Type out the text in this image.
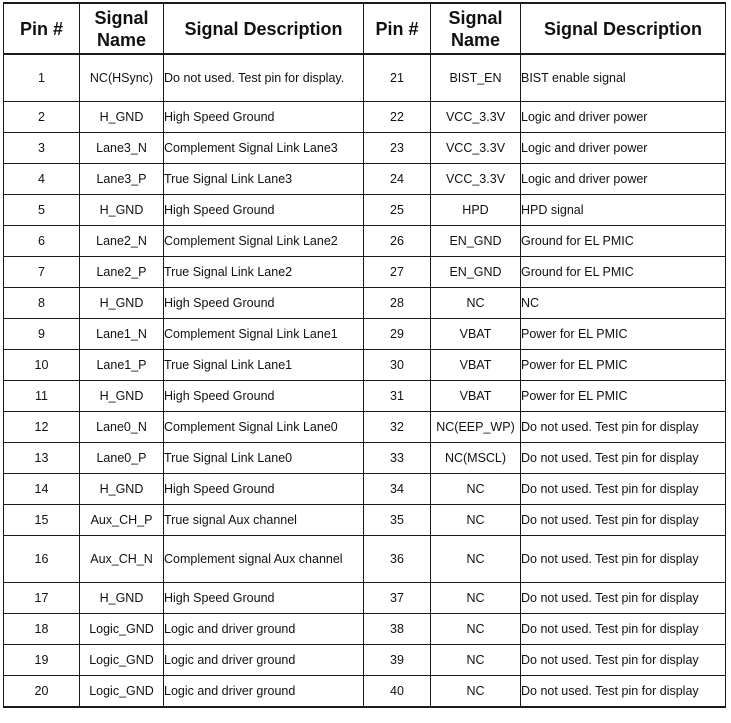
Pin #	Signal Name	Signal Description	Pin #	Signal Name	Signal Description
1	NC(HSync)	Do not used. Test pin for display.	21	BIST_EN	BIST enable signal
2	H_GND	High Speed Ground	22	VCC_3.3V	Logic and driver power
3	Lane3_N	Complement Signal Link Lane3	23	VCC_3.3V	Logic and driver power
4	Lane3_P	True Signal Link Lane3	24	VCC_3.3V	Logic and driver power
5	H_GND	High Speed Ground	25	HPD	HPD signal
6	Lane2_N	Complement Signal Link Lane2	26	EN_GND	Ground for EL PMIC
7	Lane2_P	True Signal Link Lane2	27	EN_GND	Ground for EL PMIC
8	H_GND	High Speed Ground	28	NC	NC
9	Lane1_N	Complement Signal Link Lane1	29	VBAT	Power for EL PMIC
10	Lane1_P	True Signal Link Lane1	30	VBAT	Power for EL PMIC
11	H_GND	High Speed Ground	31	VBAT	Power for EL PMIC
12	Lane0_N	Complement Signal Link Lane0	32	NC(EEP_WP)	Do not used. Test pin for display
13	Lane0_P	True Signal Link Lane0	33	NC(MSCL)	Do not used. Test pin for display
14	H_GND	High Speed Ground	34	NC	Do not used. Test pin for display
15	Aux_CH_P	True signal Aux channel	35	NC	Do not used. Test pin for display
16	Aux_CH_N	Complement signal Aux channel	36	NC	Do not used. Test pin for display
17	H_GND	High Speed Ground	37	NC	Do not used. Test pin for display
18	Logic_GND	Logic and driver ground	38	NC	Do not used. Test pin for display
19	Logic_GND	Logic and driver ground	39	NC	Do not used. Test pin for display
20	Logic_GND	Logic and driver ground	40	NC	Do not used. Test pin for display
